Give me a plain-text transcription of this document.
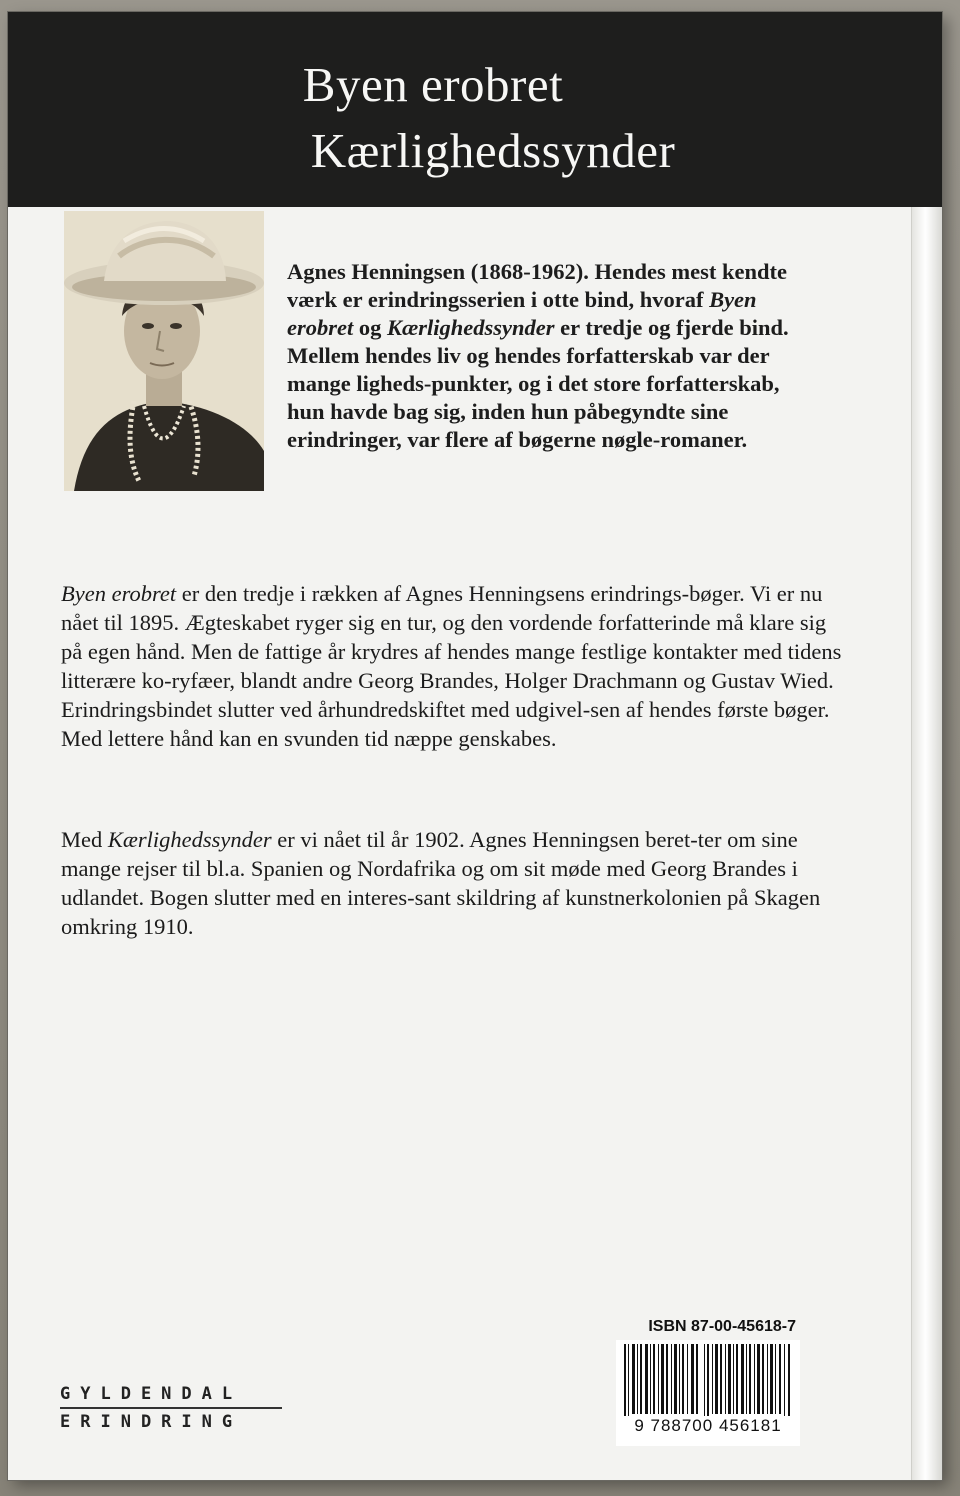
Byen erobret
Kærlighedssynder
Agnes Henningsen (1868-1962). Hendes mest kendte værk er erindringsserien i otte bind, hvoraf Byen erobret og Kærlighedssynder er tredje og fjerde bind. Mellem hendes liv og hendes forfatterskab var der mange ligheds-punkter, og i det store forfatterskab, hun havde bag sig, inden hun påbegyndte sine erindringer, var flere af bøgerne nøgle-romaner.
Byen erobret er den tredje i rækken af Agnes Henningsens erindrings-bøger. Vi er nu nået til 1895. Ægteskabet ryger sig en tur, og den vordende forfatterinde må klare sig på egen hånd. Men de fattige år krydres af hendes mange festlige kontakter med tidens litterære ko-ryfæer, blandt andre Georg Brandes, Holger Drachmann og Gustav Wied. Erindringsbindet slutter ved århundredskiftet med udgivel-sen af hendes første bøger. Med lettere hånd kan en svunden tid næppe genskabes.
Med Kærlighedssynder er vi nået til år 1902. Agnes Henningsen beret-ter om sine mange rejser til bl.a. Spanien og Nordafrika og om sit møde med Georg Brandes i udlandet. Bogen slutter med en interes-sant skildring af kunstnerkolonien på Skagen omkring 1910.
ISBN 87-00-45618-7
9 788700 456181
GYLDENDAL
ERINDRING
